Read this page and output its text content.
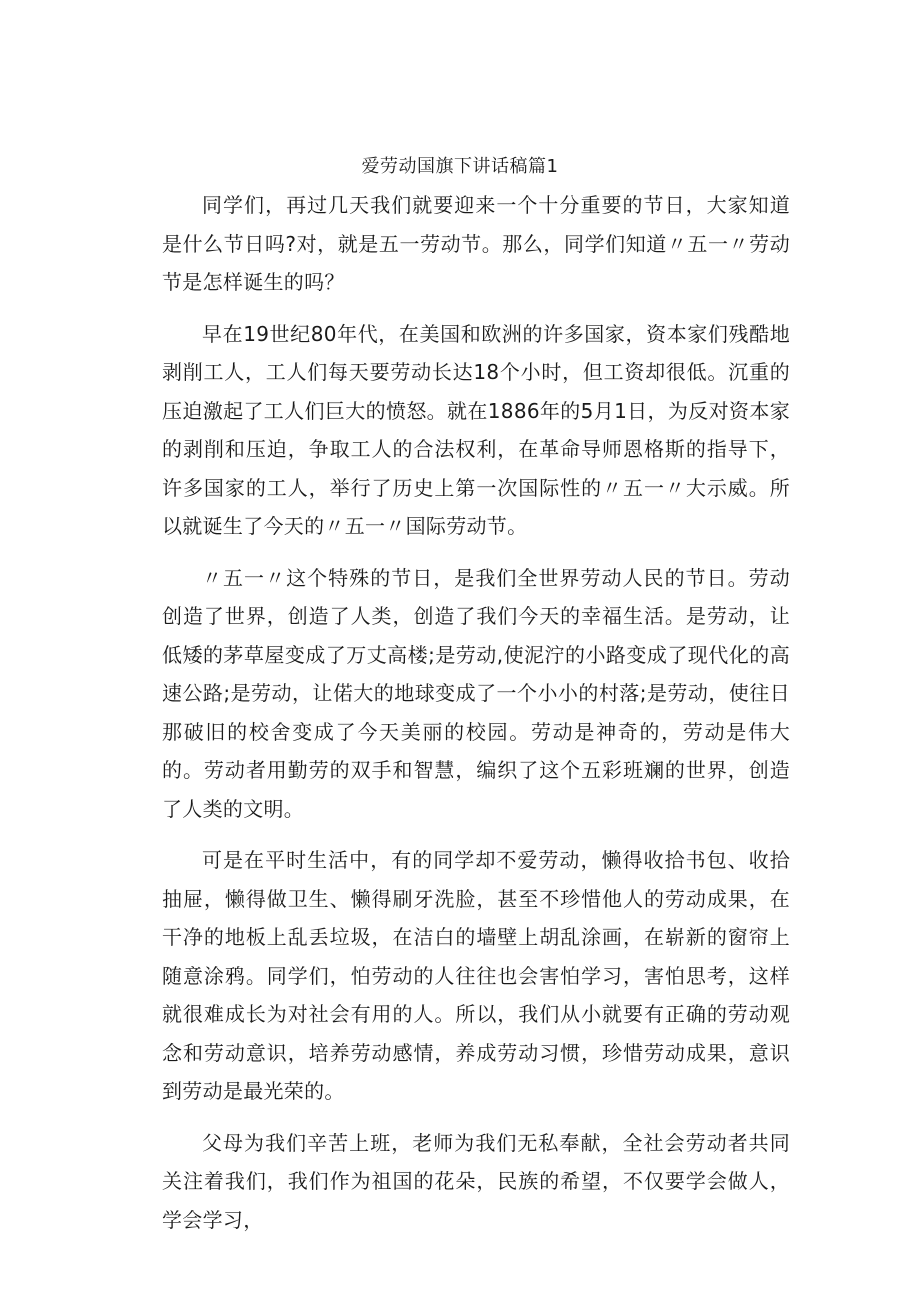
爱劳动国旗下讲话稿篇1

同学们，再过几天我们就要迎来一个十分重要的节日，大家知道是什么节日吗?对，就是五一劳动节。那么，同学们知道〃五一〃劳动节是怎样诞生的吗？

早在19世纪80年代，在美国和欧洲的许多国家，资本家们残酷地剥削工人，工人们每天要劳动长达18个小时，但工资却很低。沉重的压迫激起了工人们巨大的愤怒。就在1886年的5月1日，为反对资本家的剥削和压迫，争取工人的合法权利，在革命导师恩格斯的指导下，许多国家的工人，举行了历史上第一次国际性的〃五一〃大示威。所以就诞生了今天的〃五一〃国际劳动节。

〃五一〃这个特殊的节日，是我们全世界劳动人民的节日。劳动创造了世界，创造了人类，创造了我们今天的幸福生活。是劳动，让低矮的茅草屋变成了万丈高楼;是劳动,使泥泞的小路变成了现代化的高速公路;是劳动，让偌大的地球变成了一个小小的村落;是劳动，使往日那破旧的校舍变成了今天美丽的校园。劳动是神奇的，劳动是伟大的。劳动者用勤劳的双手和智慧，编织了这个五彩班斓的世界，创造了人类的文明。

可是在平时生活中，有的同学却不爱劳动，懒得收拾书包、收拾抽屉，懒得做卫生、懒得刷牙洗脸，甚至不珍惜他人的劳动成果，在干净的地板上乱丢垃圾，在洁白的墙壁上胡乱涂画，在崭新的窗帘上随意涂鸦。同学们，怕劳动的人往往也会害怕学习，害怕思考，这样就很难成长为对社会有用的人。所以，我们从小就要有正确的劳动观念和劳动意识，培养劳动感情，养成劳动习惯，珍惜劳动成果，意识到劳动是最光荣的。

父母为我们辛苦上班，老师为我们无私奉献，全社会劳动者共同关注着我们，我们作为祖国的花朵，民族的希望，不仅要学会做人，学会学习，
